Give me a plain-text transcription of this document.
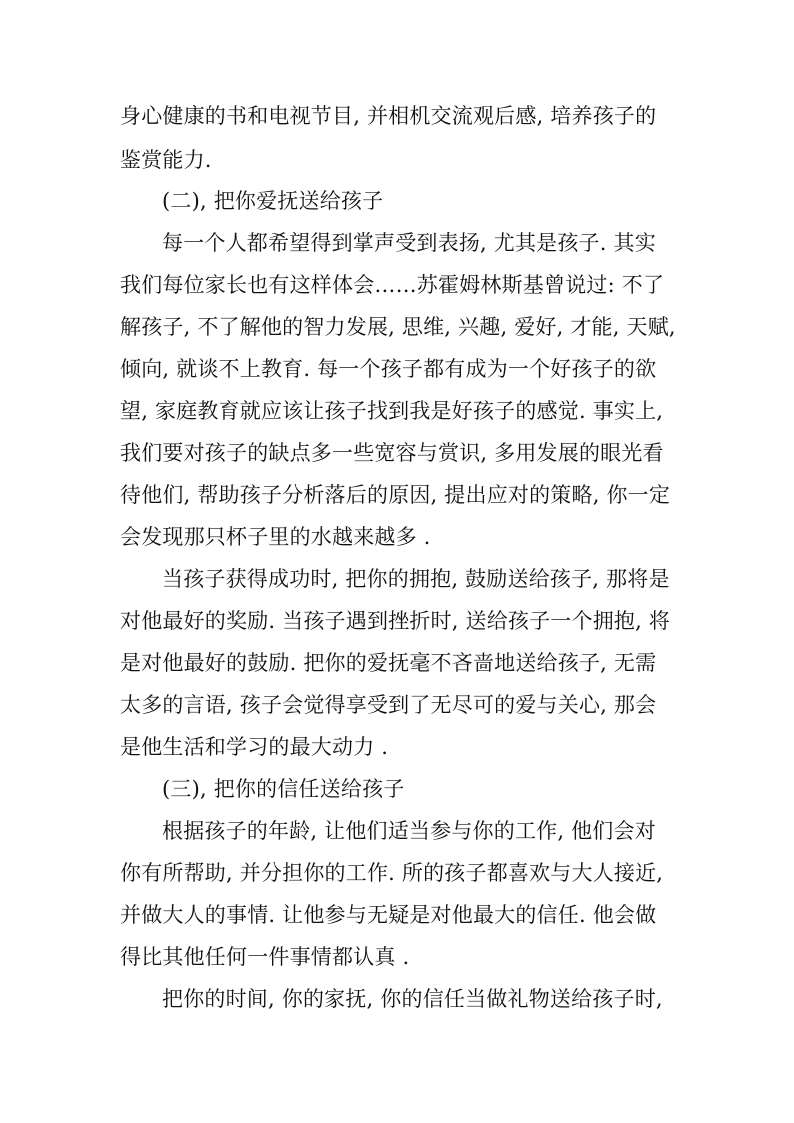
身心健康的书和电视节目, 并相机交流观后感, 培养孩子的
鉴赏能力.
(二), 把你爱抚送给孩子
每一个人都希望得到掌声受到表扬, 尤其是孩子. 其实
我们每位家长也有这样体会……苏霍姆林斯基曾说过: 不了
解孩子, 不了解他的智力发展, 思维, 兴趣, 爱好, 才能, 天赋,
倾向, 就谈不上教育. 每一个孩子都有成为一个好孩子的欲
望, 家庭教育就应该让孩子找到我是好孩子的感觉. 事实上,
我们要对孩子的缺点多一些宽容与赏识, 多用发展的眼光看
待他们, 帮助孩子分析落后的原因, 提出应对的策略, 你一定
会发现那只杯子里的水越来越多 .
当孩子获得成功时, 把你的拥抱, 鼓励送给孩子, 那将是
对他最好的奖励. 当孩子遇到挫折时, 送给孩子一个拥抱, 将
是对他最好的鼓励. 把你的爱抚毫不吝啬地送给孩子, 无需
太多的言语, 孩子会觉得享受到了无尽可的爱与关心, 那会
是他生活和学习的最大动力 .
(三), 把你的信任送给孩子
根据孩子的年龄, 让他们适当参与你的工作, 他们会对
你有所帮助, 并分担你的工作. 所的孩子都喜欢与大人接近,
并做大人的事情. 让他参与无疑是对他最大的信任. 他会做
得比其他任何一件事情都认真 .
把你的时间, 你的家抚, 你的信任当做礼物送给孩子时,
